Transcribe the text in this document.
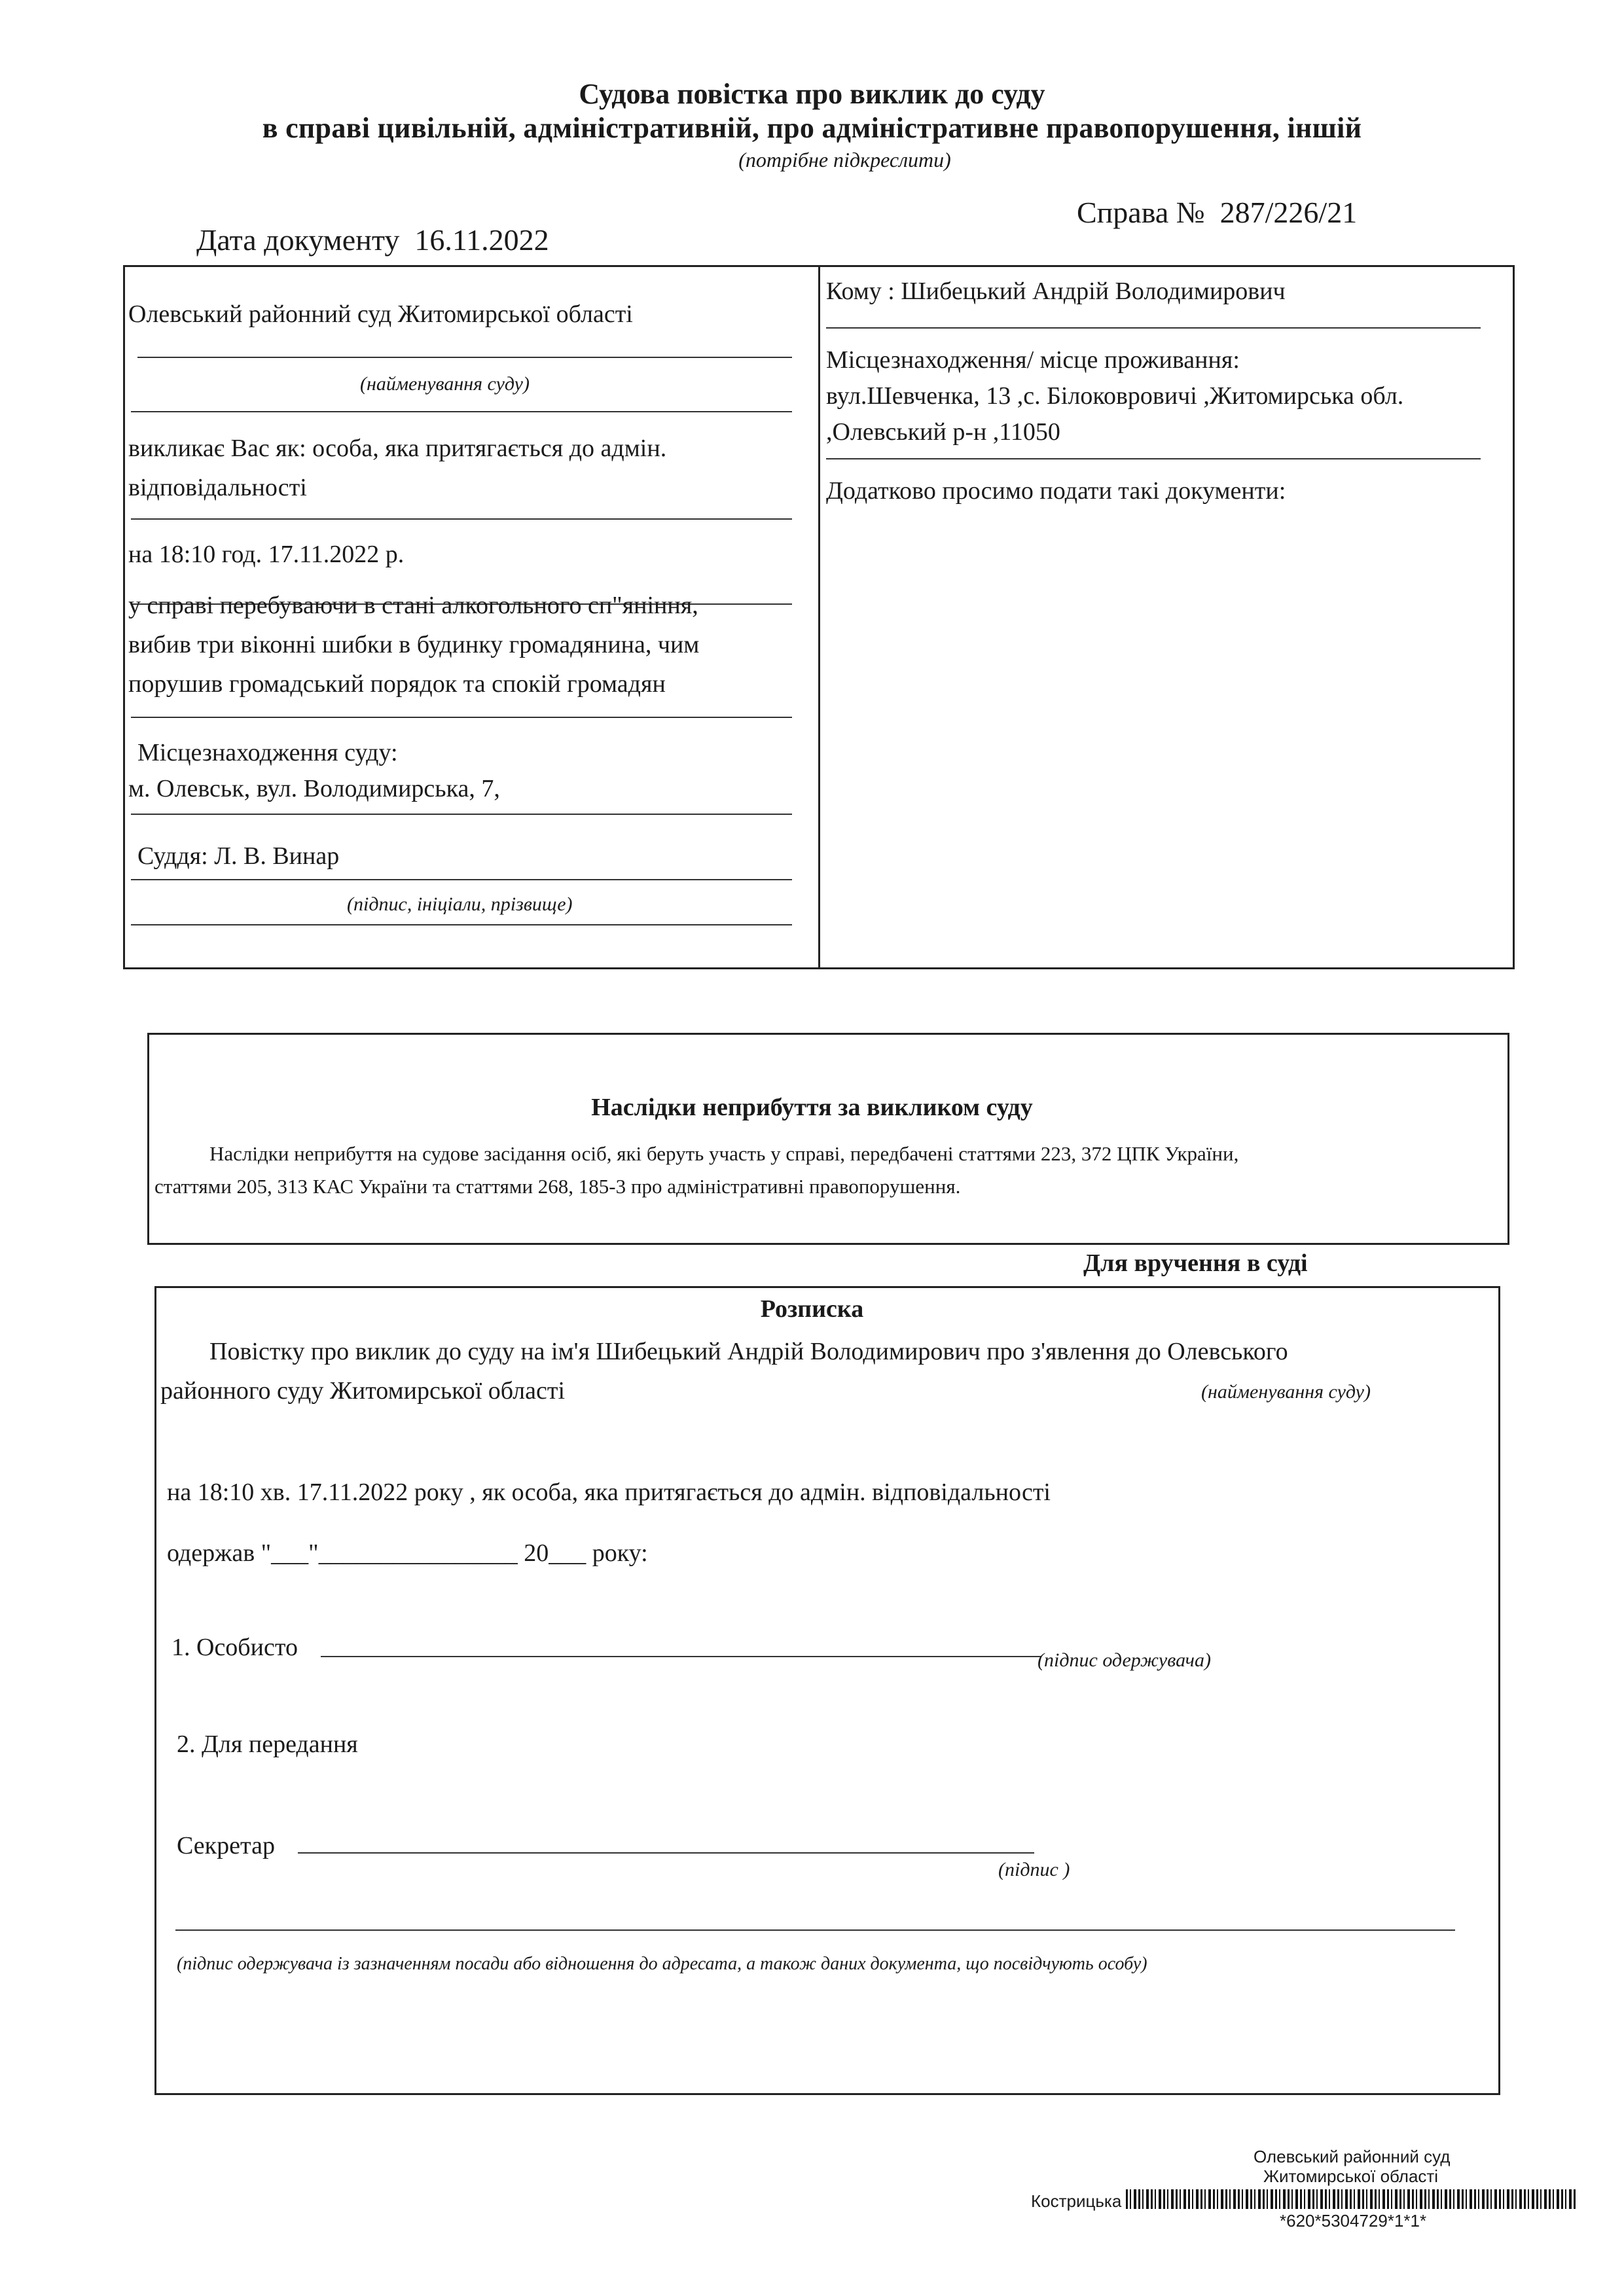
Судова повістка про виклик до суду
в справі цивільній, адміністративній, про адміністративне правопорушення, іншій
(потрібне підкреслити)
Дата документу 16.11.2022
Справа № 287/226/21
Олевський районний суд Житомирської області
(найменування суду)
викликає Вас як: особа, яка притягається до адмін.
відповідальності
на 18:10 год. 17.11.2022 р.
у справі перебуваючи в стані алкогольного сп"яніння,
вибив три віконні шибки в будинку громадянина, чим
порушив громадський порядок та спокій громадян
Місцезнаходження суду:
м. Олевськ, вул. Володимирська, 7,
Суддя: Л. В. Винар
(підпис, ініціали, прізвище)
Кому : Шибецький Андрій Володимирович
Місцезнаходження/ місце проживання:
вул.Шевченка, 13 ,с. Білоковровичі ,Житомирська обл.
,Олевський р-н ,11050
Додатково просимо подати такі документи:
Наслідки неприбуття за викликом суду
Наслідки неприбуття на судове засідання осіб, які беруть участь у справі, передбачені статтями 223, 372 ЦПК України,
статтями 205, 313 КАС України та статтями 268, 185-3 про адміністративні правопорушення.
Для вручення в суді
Розписка
Повістку про виклик до суду на ім'я Шибецький Андрій Володимирович про з'явлення до Олевського
районного суду Житомирської області	(найменування суду)
на 18:10 хв. 17.11.2022 року , як особа, яка притягається до адмін. відповідальності
одержав "___"________________ 20___ року:
1. Особисто	(підпис одержувача)
2. Для передання
Секретар
(підпис )
(підпис одержувача із зазначенням посади або відношення до адресата, а також даних документа, що посвідчують особу)
Олевський районний суд
Житомирської області
Кострицька
*620*5304729*1*1*
